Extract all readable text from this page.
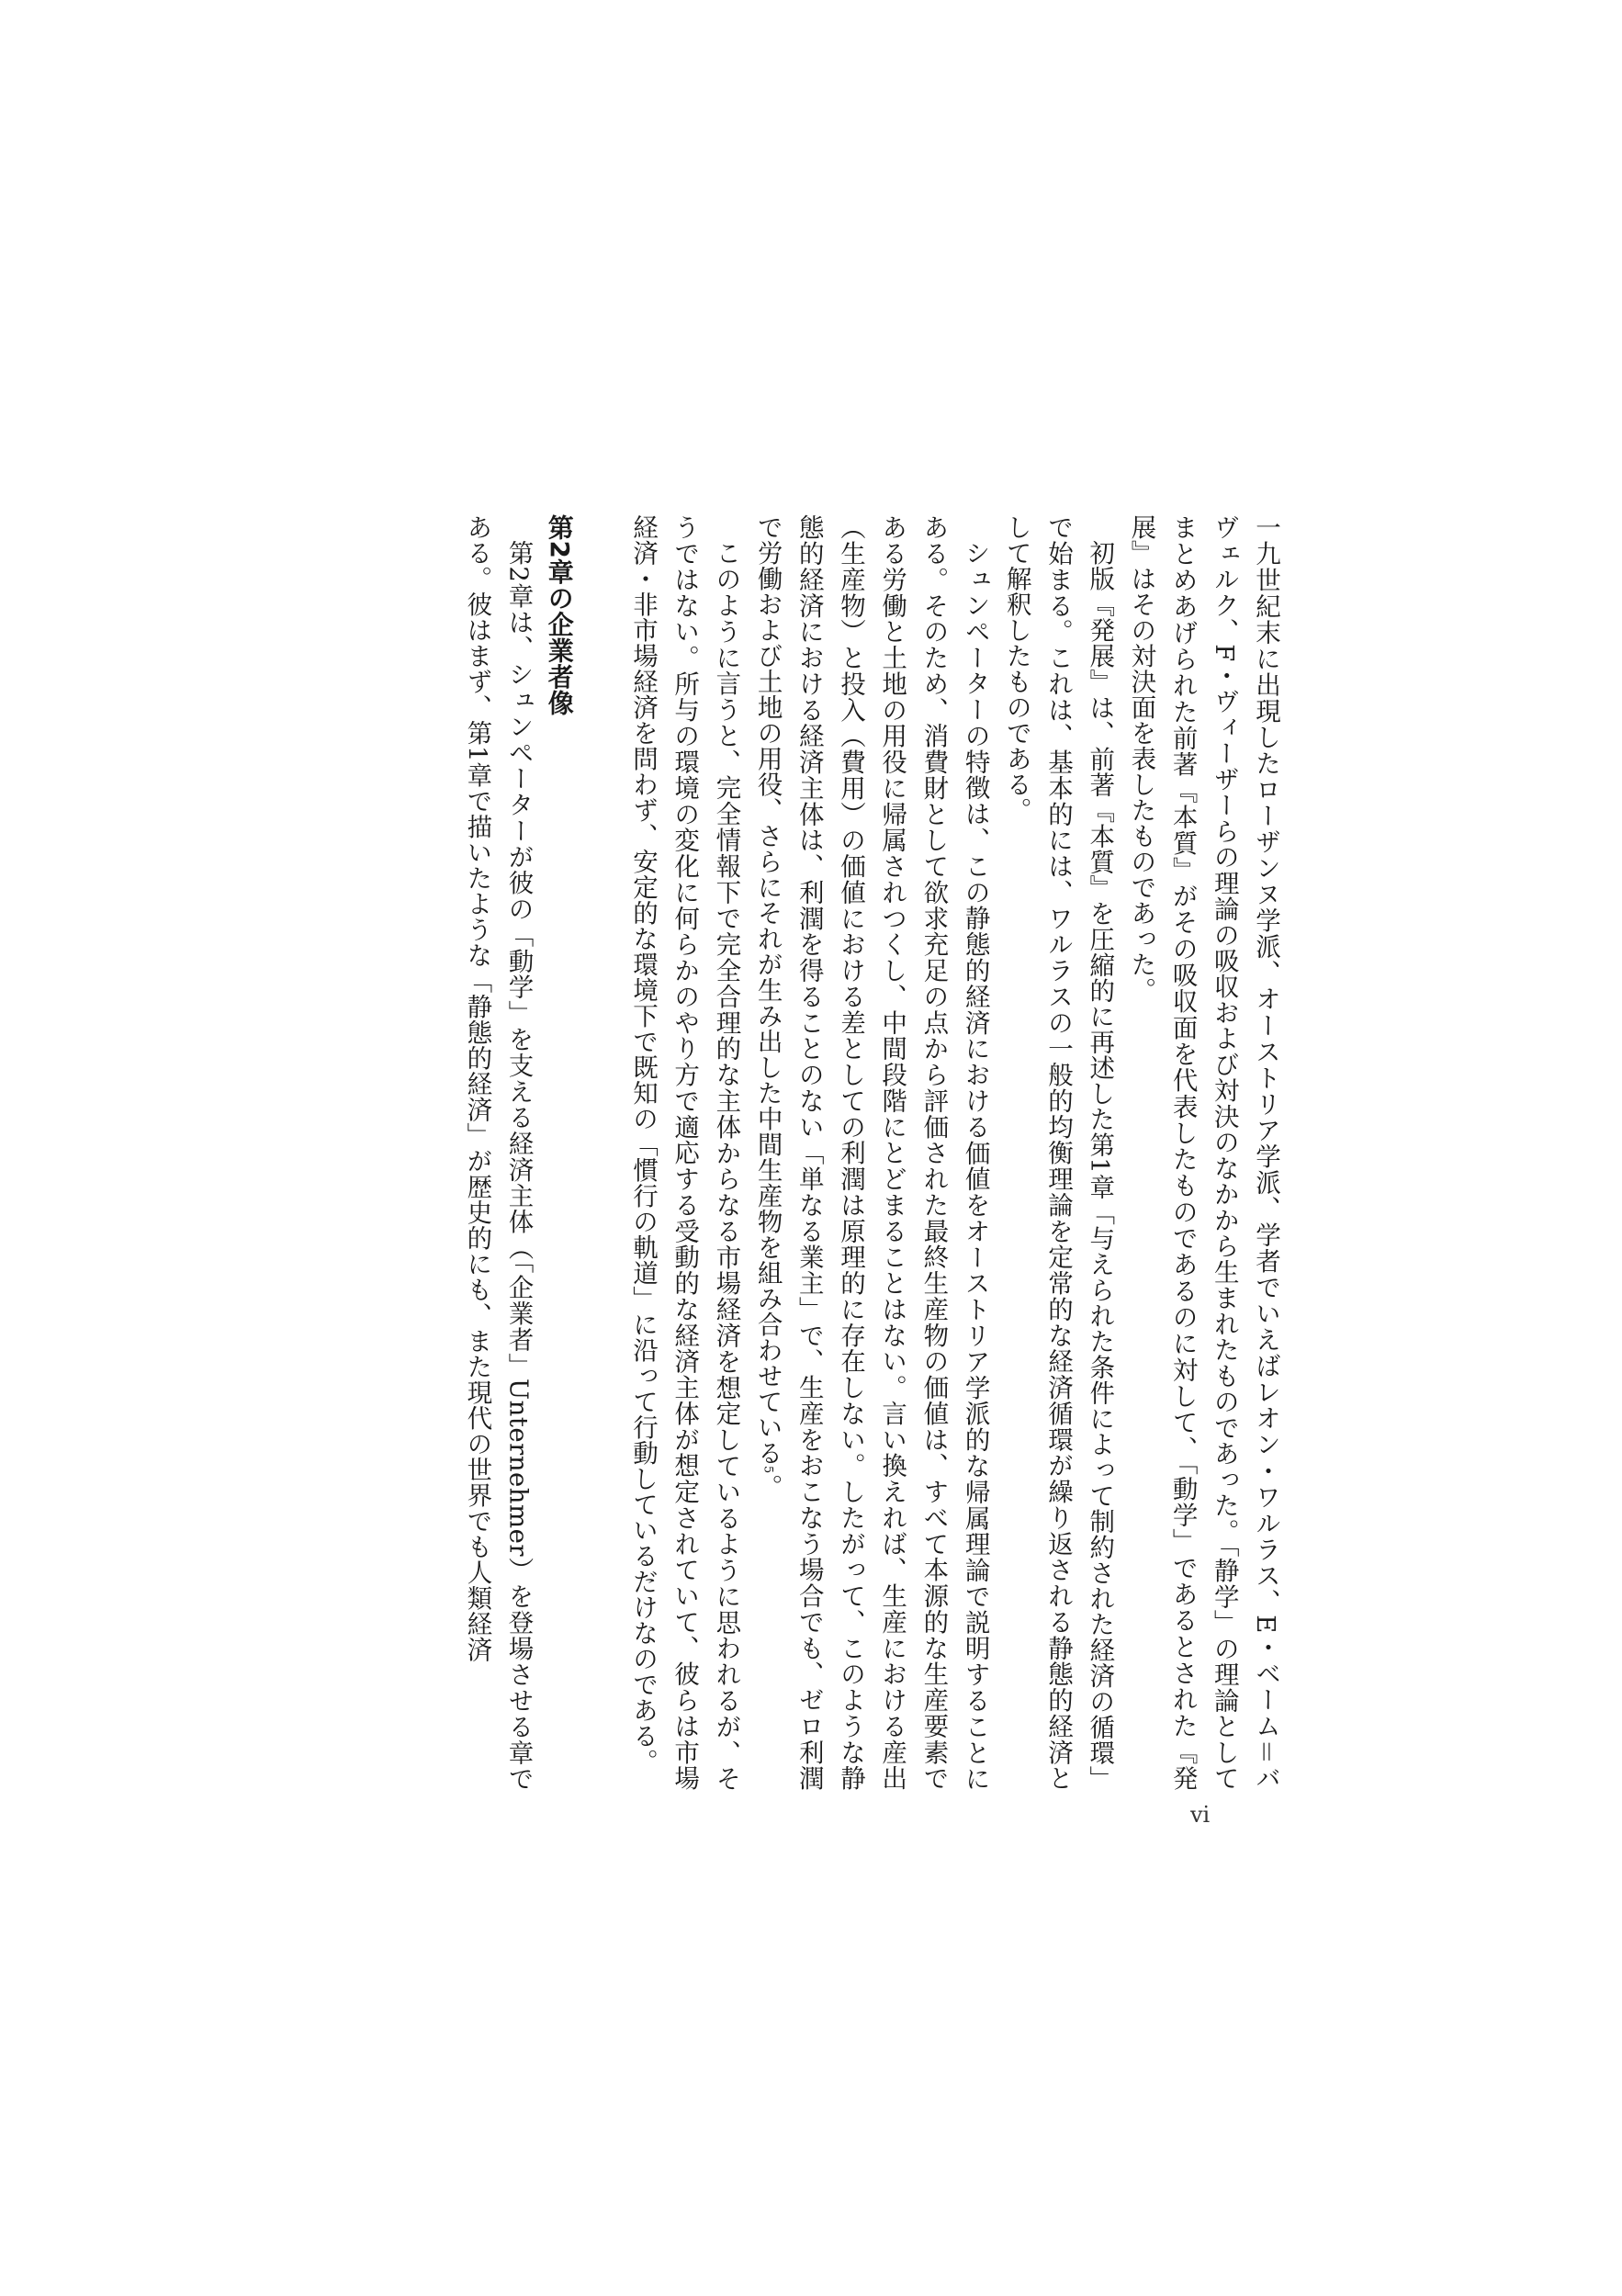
一九世紀末に出現したローザンヌ学派、オーストリア学派、学者でいえばレオン・ワルラス、E・ベーム＝バヴェルク、F・ヴィーザーらの理論の吸収および対決のなかから生まれたものであった。「静学」の理論としてまとめあげられた前著『本質』がその吸収面を代表したものであるのに対して、「動学」であるとされた『発展』はその対決面を表したものであった。

初版『発展』は、前著『本質』を圧縮的に再述した第1章「与えられた条件によって制約された経済の循環」で始まる。これは、基本的には、ワルラスの一般的均衡理論を定常的な経済循環が繰り返される静態的経済として解釈したものである。

シュンペーターの特徴は、この静態的経済における価値をオーストリア学派的な帰属理論で説明することにある。そのため、消費財として欲求充足の点から評価された最終生産物の価値は、すべて本源的な生産要素である労働と土地の用役に帰属されつくし、中間段階にとどまることはない。言い換えれば、生産における産出（生産物）と投入（費用）の価値における差としての利潤は原理的に存在しない。したがって、このような静態的経済における経済主体は、利潤を得ることのない「単なる業主」で、生産をおこなう場合でも、ゼロ利潤で労働および土地の用役、さらにそれが生み出した中間生産物を組み合わせている5。

このように言うと、完全情報下で完全合理的な主体からなる市場経済を想定しているように思われるが、そうではない。所与の環境の変化に何らかのやり方で適応する受動的な経済主体が想定されていて、彼らは市場経済・非市場経済を問わず、安定的な環境下で既知の「慣行の軌道」に沿って行動しているだけなのである。

第2章の企業者像

第2章は、シュンペーターが彼の「動学」を支える経済主体（「企業者」Unternehmer）を登場させる章である。彼はまず、第1章で描いたような「静態的経済」が歴史的にも、また現代の世界でも人類経済

vi
